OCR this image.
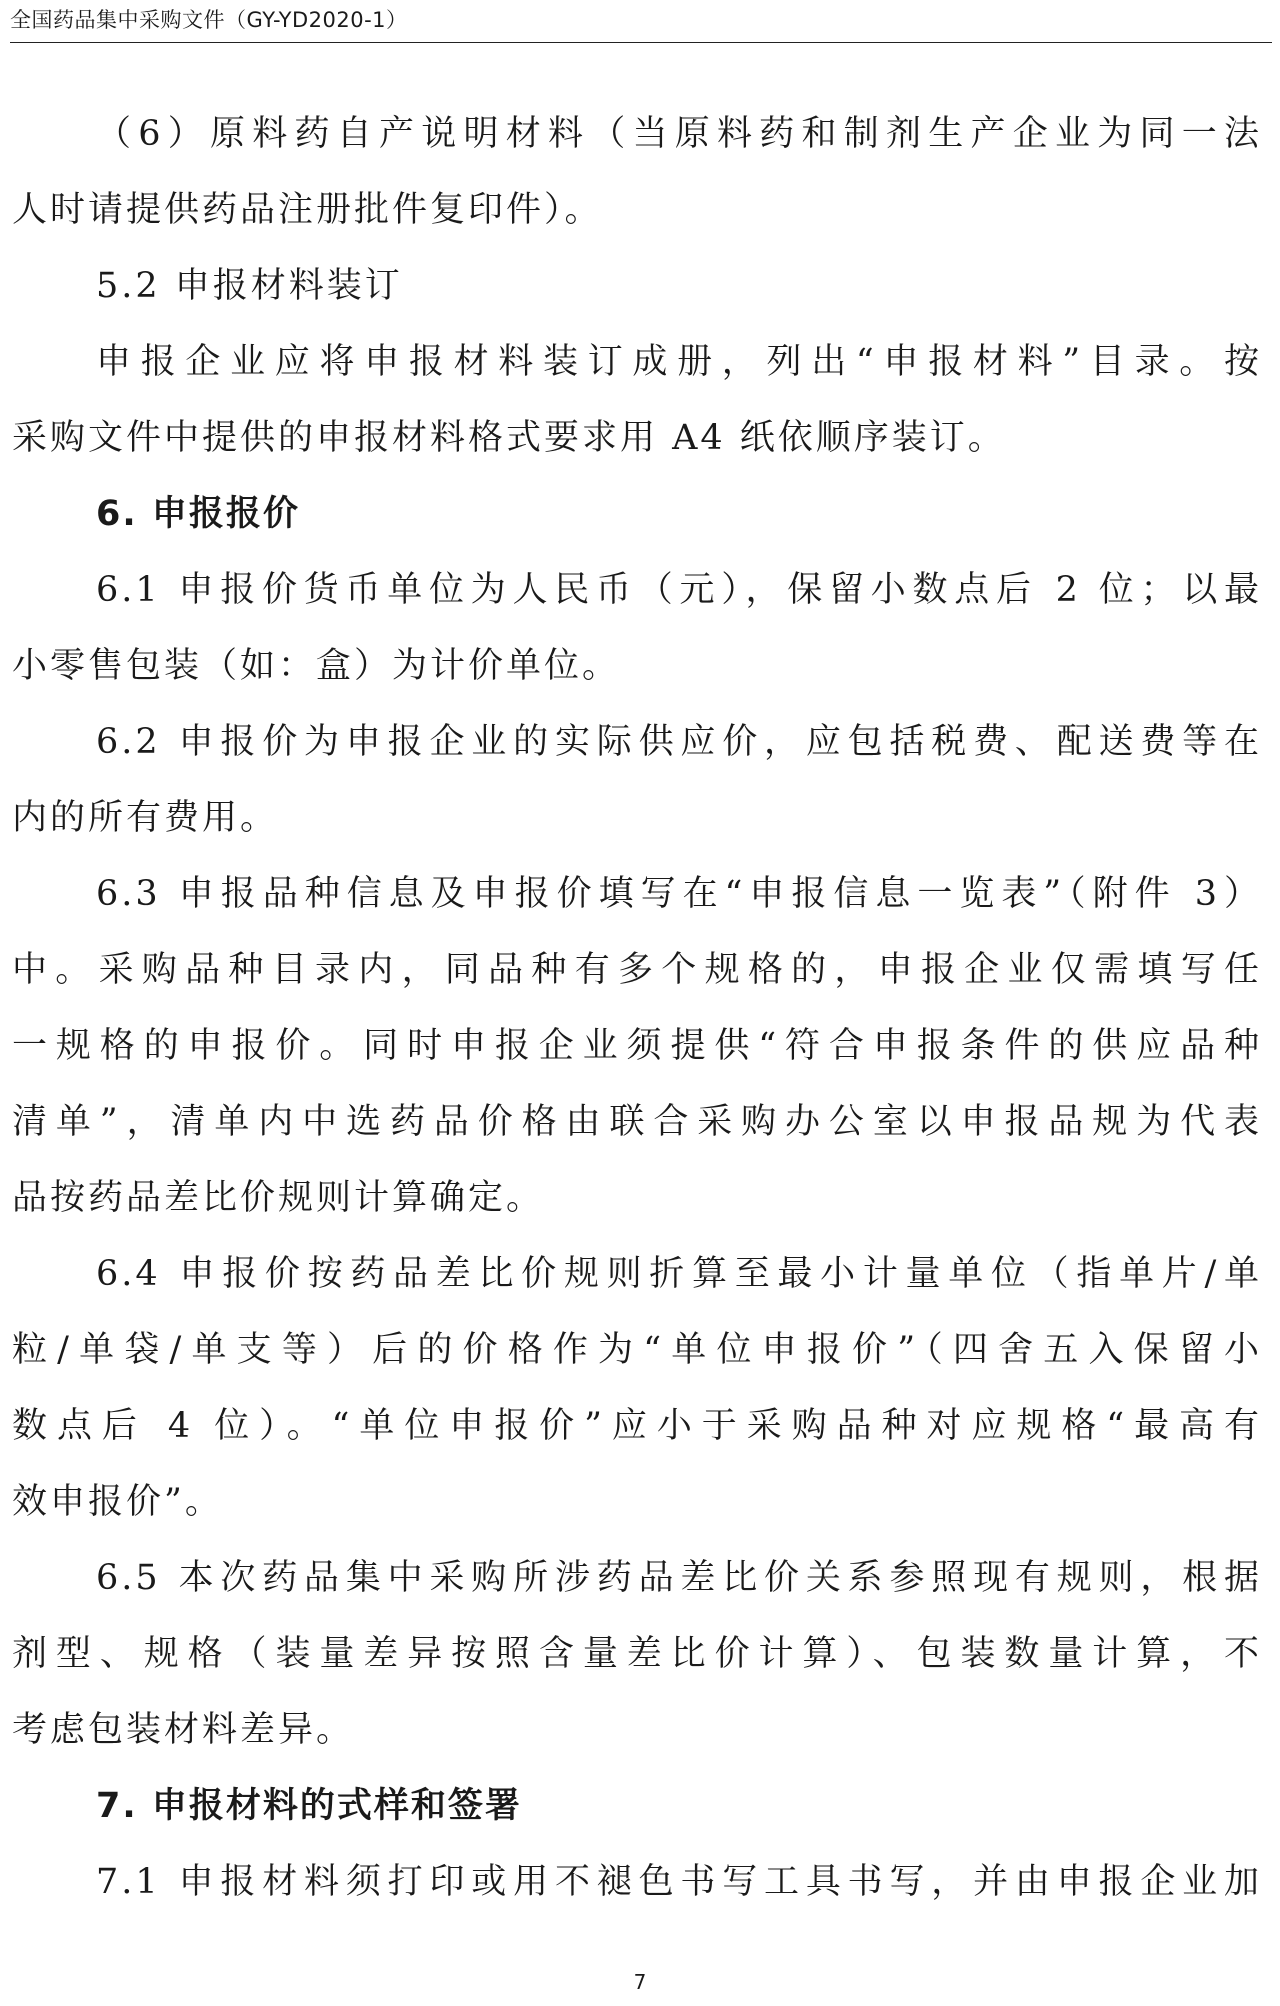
全国药品集中采购文件（GY-YD2020-1）
（6）原料药自产说明材料（当原料药和制剂生产企业为同一法
人时请提供药品注册批件复印件）。
5.2 申报材料装订
申报企业应将申报材料装订成册，列出“申报材料”目录。按
采购文件中提供的申报材料格式要求用 A4 纸依顺序装订。
6. 申报报价
6.1 申报价货币单位为人民币（元），保留小数点后 2 位；以最
小零售包装（如：盒）为计价单位。
6.2 申报价为申报企业的实际供应价，应包括税费、配送费等在
内的所有费用。
6.3 申报品种信息及申报价填写在“申报信息一览表”（附件 3）
中。采购品种目录内，同品种有多个规格的，申报企业仅需填写任
一规格的申报价。同时申报企业须提供“符合申报条件的供应品种
清单”，清单内中选药品价格由联合采购办公室以申报品规为代表
品按药品差比价规则计算确定。
6.4 申报价按药品差比价规则折算至最小计量单位（指单片/单
粒/单袋/单支等）后的价格作为“单位申报价”（四舍五入保留小
数点后 4 位）。“单位申报价”应小于采购品种对应规格“最高有
效申报价”。
6.5 本次药品集中采购所涉药品差比价关系参照现有规则，根据
剂型、规格（装量差异按照含量差比价计算）、包装数量计算，不
考虑包装材料差异。
7. 申报材料的式样和签署
7.1 申报材料须打印或用不褪色书写工具书写，并由申报企业加
7
